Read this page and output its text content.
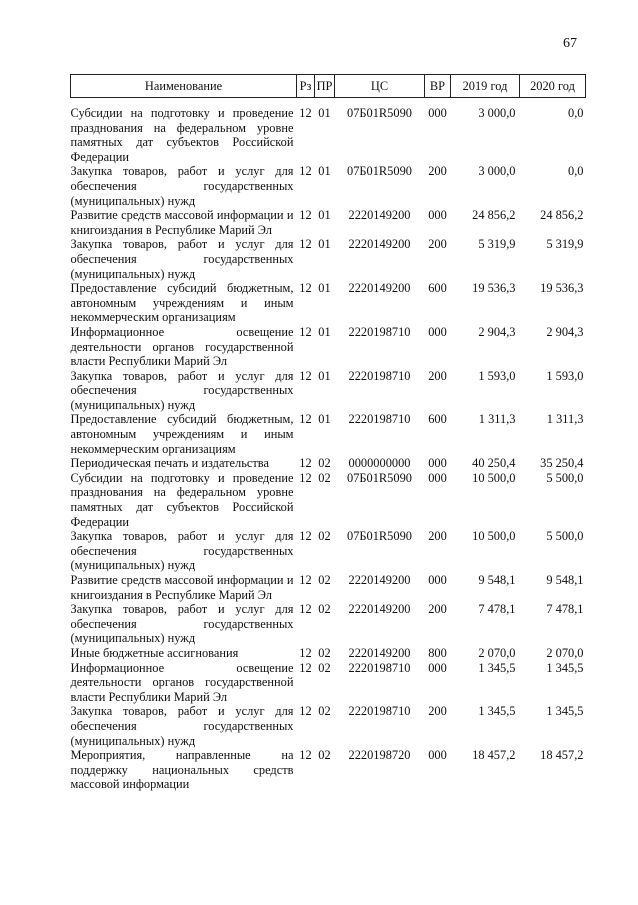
67
Наименование	Рз	ПР	ЦС	ВР	2019 год	2020 год
Субсидии на подготовку и проведение празднования на федеральном уровне памятных дат субъектов Российской Федерации	12	01	07Б01R5090	000	3 000,0	0,0
Закупка товаров, работ и услуг для обеспечения государственных (муниципальных) нужд	12	01	07Б01R5090	200	3 000,0	0,0
Развитие средств массовой информации и книгоиздания в Республике Марий Эл	12	01	2220149200	000	24 856,2	24 856,2
Закупка товаров, работ и услуг для обеспечения государственных (муниципальных) нужд	12	01	2220149200	200	5 319,9	5 319,9
Предоставление субсидий бюджетным, автономным учреждениям и иным некоммерческим организациям	12	01	2220149200	600	19 536,3	19 536,3
Информационное освещение деятельности органов государственной власти Республики Марий Эл	12	01	2220198710	000	2 904,3	2 904,3
Закупка товаров, работ и услуг для обеспечения государственных (муниципальных) нужд	12	01	2220198710	200	1 593,0	1 593,0
Предоставление субсидий бюджетным, автономным учреждениям и иным некоммерческим организациям	12	01	2220198710	600	1 311,3	1 311,3
Периодическая печать и издательства	12	02	0000000000	000	40 250,4	35 250,4
Субсидии на подготовку и проведение празднования на федеральном уровне памятных дат субъектов Российской Федерации	12	02	07Б01R5090	000	10 500,0	5 500,0
Закупка товаров, работ и услуг для обеспечения государственных (муниципальных) нужд	12	02	07Б01R5090	200	10 500,0	5 500,0
Развитие средств массовой информации и книгоиздания в Республике Марий Эл	12	02	2220149200	000	9 548,1	9 548,1
Закупка товаров, работ и услуг для обеспечения государственных (муниципальных) нужд	12	02	2220149200	200	7 478,1	7 478,1
Иные бюджетные ассигнования	12	02	2220149200	800	2 070,0	2 070,0
Информационное освещение деятельности органов государственной власти Республики Марий Эл	12	02	2220198710	000	1 345,5	1 345,5
Закупка товаров, работ и услуг для обеспечения государственных (муниципальных) нужд	12	02	2220198710	200	1 345,5	1 345,5
Мероприятия, направленные на поддержку национальных средств массовой информации	12	02	2220198720	000	18 457,2	18 457,2
